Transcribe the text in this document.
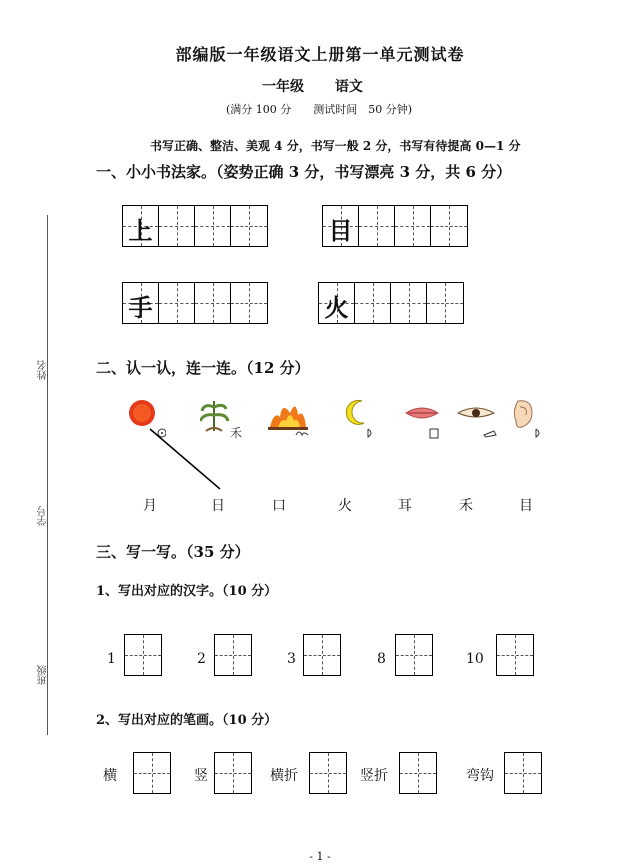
部编版一年级语文上册第一单元测试卷
一年级 语文
(满分 100 分　　测试时间　50 分钟)
书写正确、整洁、美观 4 分，书写一般 2 分，书写有待提高 0—1 分
姓名
学号
班级
一、小小书法家。（姿势正确 3 分，书写漂亮 3 分，共 6 分）
上	目
手	火
二、认一认，连一连。（12 分）
禾
月	日	口	火	耳	禾	目
三、写一写。（35 分）
1、写出对应的汉字。（10 分）
1	2	3	8	10
2、写出对应的笔画。（10 分）
横	竖	横折	竖折	弯钩
- 1 -
